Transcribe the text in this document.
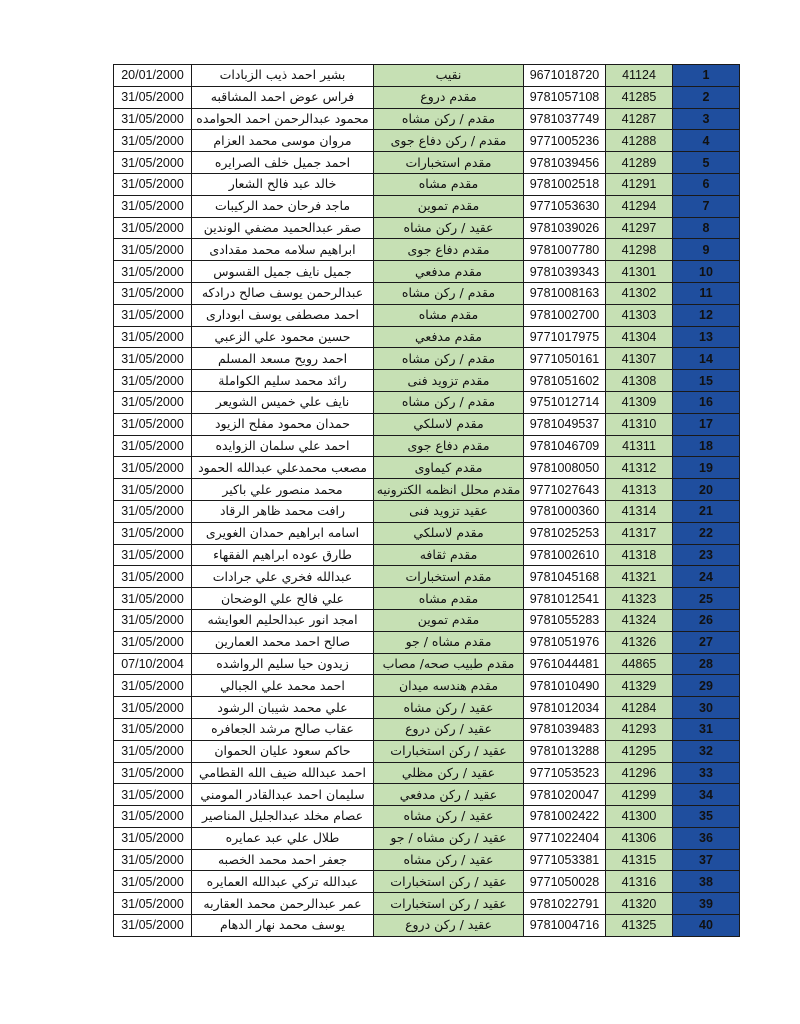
20/01/2000	بشير احمد ذيب الزبادات	نقيب	9671018720	41124	1
31/05/2000	فراس عوض احمد المشاقبه	مقدم دروع	9781057108	41285	2
31/05/2000	محمود عبدالرحمن احمد الحوامده	مقدم / ركن مشاه	9781037749	41287	3
31/05/2000	مروان موسى محمد العزام	مقدم / ركن دفاع جوى	9771005236	41288	4
31/05/2000	احمد جميل خلف الصرايره	مقدم استخبارات	9781039456	41289	5
31/05/2000	خالد عبد فالح الشعار	مقدم مشاه	9781002518	41291	6
31/05/2000	ماجد فرحان حمد الركيبات	مقدم تموين	9771053630	41294	7
31/05/2000	صقر عبدالحميد مضفي الوندين	عقيد / ركن مشاه	9781039026	41297	8
31/05/2000	ابراهيم سلامه محمد مقدادى	مقدم دفاع جوى	9781007780	41298	9
31/05/2000	جميل نايف جميل القسوس	مقدم مدفعي	9781039343	41301	10
31/05/2000	عبدالرحمن يوسف صالح درادكه	مقدم / ركن مشاه	9781008163	41302	11
31/05/2000	احمد مصطفى يوسف ابودارى	مقدم مشاه	9781002700	41303	12
31/05/2000	حسين محمود علي الزعبي	مقدم مدفعي	9771017975	41304	13
31/05/2000	احمد رويح مسعد المسلم	مقدم / ركن مشاه	9771050161	41307	14
31/05/2000	رائد محمد سليم الكواملة	مقدم تزويد فنى	9781051602	41308	15
31/05/2000	نايف علي خميس الشويعر	مقدم / ركن مشاه	9751012714	41309	16
31/05/2000	حمدان محمود مفلح الزيود	مقدم لاسلكي	9781049537	41310	17
31/05/2000	احمد علي سلمان الزوايده	مقدم دفاع جوى	9781046709	41311	18
31/05/2000	مصعب محمدعلي عبدالله الحمود	مقدم كيماوى	9781008050	41312	19
31/05/2000	محمد منصور علي باكير	مقدم محلل انظمه الكترونيه	9771027643	41313	20
31/05/2000	رافت محمد ظاهر الرقاد	عقيد تزويد فنى	9781000360	41314	21
31/05/2000	اسامه ابراهيم حمدان الغويرى	مقدم لاسلكي	9781025253	41317	22
31/05/2000	طارق عوده ابراهيم الفقهاء	مقدم ثقافه	9781002610	41318	23
31/05/2000	عبدالله فخري علي جرادات	مقدم استخبارات	9781045168	41321	24
31/05/2000	علي فالح علي الوضحان	مقدم مشاه	9781012541	41323	25
31/05/2000	امجد انور عبدالحليم العوايشه	مقدم تموين	9781055283	41324	26
31/05/2000	صالح احمد محمد العمارين	مقدم مشاه / جو	9781051976	41326	27
07/10/2004	زيدون حيا سليم الرواشده	مقدم طبيب صحه/ مصاب	9761044481	44865	28
31/05/2000	احمد محمد علي الجبالي	مقدم هندسه ميدان	9781010490	41329	29
31/05/2000	علي محمد شيبان الرشود	عقيد / ركن مشاه	9781012034	41284	30
31/05/2000	عقاب صالح مرشد الجعافره	عقيد / ركن دروع	9781039483	41293	31
31/05/2000	حاكم سعود عليان الحموان	عقيد / ركن استخبارات	9781013288	41295	32
31/05/2000	احمد عبدالله ضيف الله القطامي	عقيد / ركن مظلي	9771053523	41296	33
31/05/2000	سليمان احمد عبدالقادر المومني	عقيد / ركن مدفعي	9781020047	41299	34
31/05/2000	عصام مخلد عبدالجليل المناصير	عقيد / ركن مشاه	9781002422	41300	35
31/05/2000	طلال علي عبد عمايره	عقيد / ركن مشاه / جو	9771022404	41306	36
31/05/2000	جعفر احمد محمد الخصبه	عقيد / ركن مشاه	9771053381	41315	37
31/05/2000	عبدالله تركي عبدالله العمايره	عقيد / ركن استخبارات	9771050028	41316	38
31/05/2000	عمر عبدالرحمن محمد العقاربه	عقيد / ركن استخبارات	9781022791	41320	39
31/05/2000	يوسف محمد نهار الدهام	عقيد / ركن دروع	9781004716	41325	40
